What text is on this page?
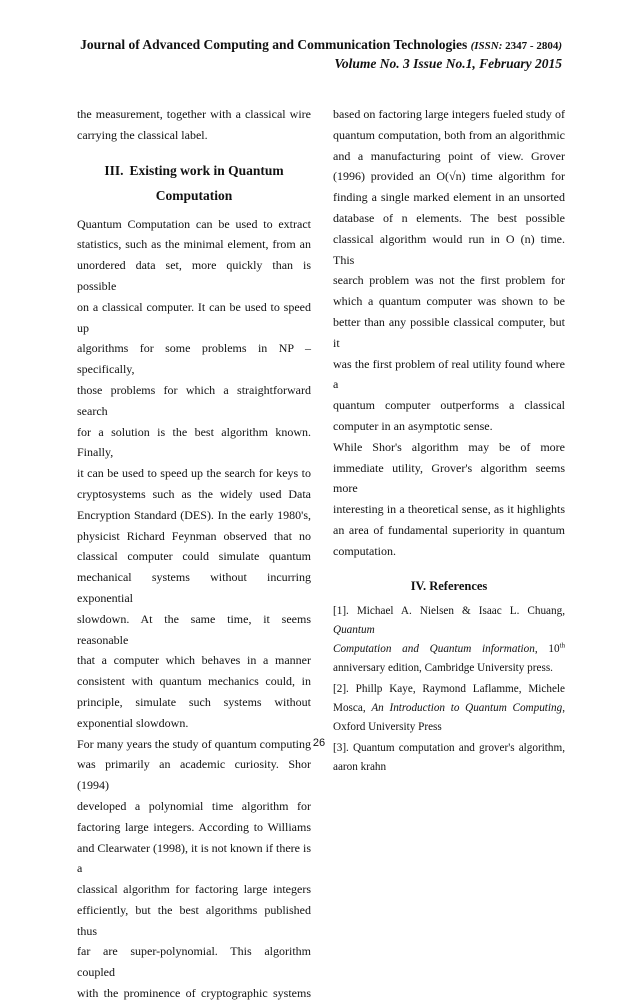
Journal of Advanced Computing and Communication Technologies (ISSN: 2347 - 2804)
Volume No. 3 Issue No.1, February 2015

the measurement, together with a classical wire

carrying the classical label.

III. Existing work in Quantum
Computation

Quantum Computation can be used to extract

statistics, such as the minimal element, from an

unordered data set, more quickly than is possible

on a classical computer. It can be used to speed up

algorithms for some problems in NP – specifically,

those problems for which a straightforward search

for a solution is the best algorithm known. Finally,

it can be used to speed up the search for keys to

cryptosystems such as the widely used Data

Encryption Standard (DES). In the early 1980's,

physicist Richard Feynman observed that no

classical computer could simulate quantum

mechanical systems without incurring exponential

slowdown. At the same time, it seems reasonable

that a computer which behaves in a manner

consistent with quantum mechanics could, in

principle, simulate such systems without

exponential slowdown.

For many years the study of quantum computing

was primarily an academic curiosity. Shor (1994)

developed a polynomial time algorithm for

factoring large integers. According to Williams

and Clearwater (1998), it is not known if there is a

classical algorithm for factoring large integers

efficiently, but the best algorithms published thus

far are super-polynomial. This algorithm coupled

with the prominence of cryptographic systems

based on factoring large integers fueled study of

quantum computation, both from an algorithmic

and a manufacturing point of view. Grover

(1996) provided an O(√n) time algorithm for

finding a single marked element in an unsorted

database of n elements. The best possible

classical algorithm would run in O (n) time. This

search problem was not the first problem for

which a quantum computer was shown to be

better than any possible classical computer, but it

was the first problem of real utility found where a

quantum computer outperforms a classical

computer in an asymptotic sense.

While Shor's algorithm may be of more

immediate utility, Grover's algorithm seems more

interesting in a theoretical sense, as it highlights

an area of fundamental superiority in quantum

computation.

IV. References

[1]. Michael A. Nielsen & Isaac L. Chuang, Quantum

Computation and Quantum information, 10th

anniversary edition, Cambridge University press.

[2]. Phillp Kaye, Raymond Laflamme, Michele

Mosca, An Introduction to Quantum Computing,

Oxford University Press

[3]. Quantum computation and grover's algorithm,

aaron krahn

26
